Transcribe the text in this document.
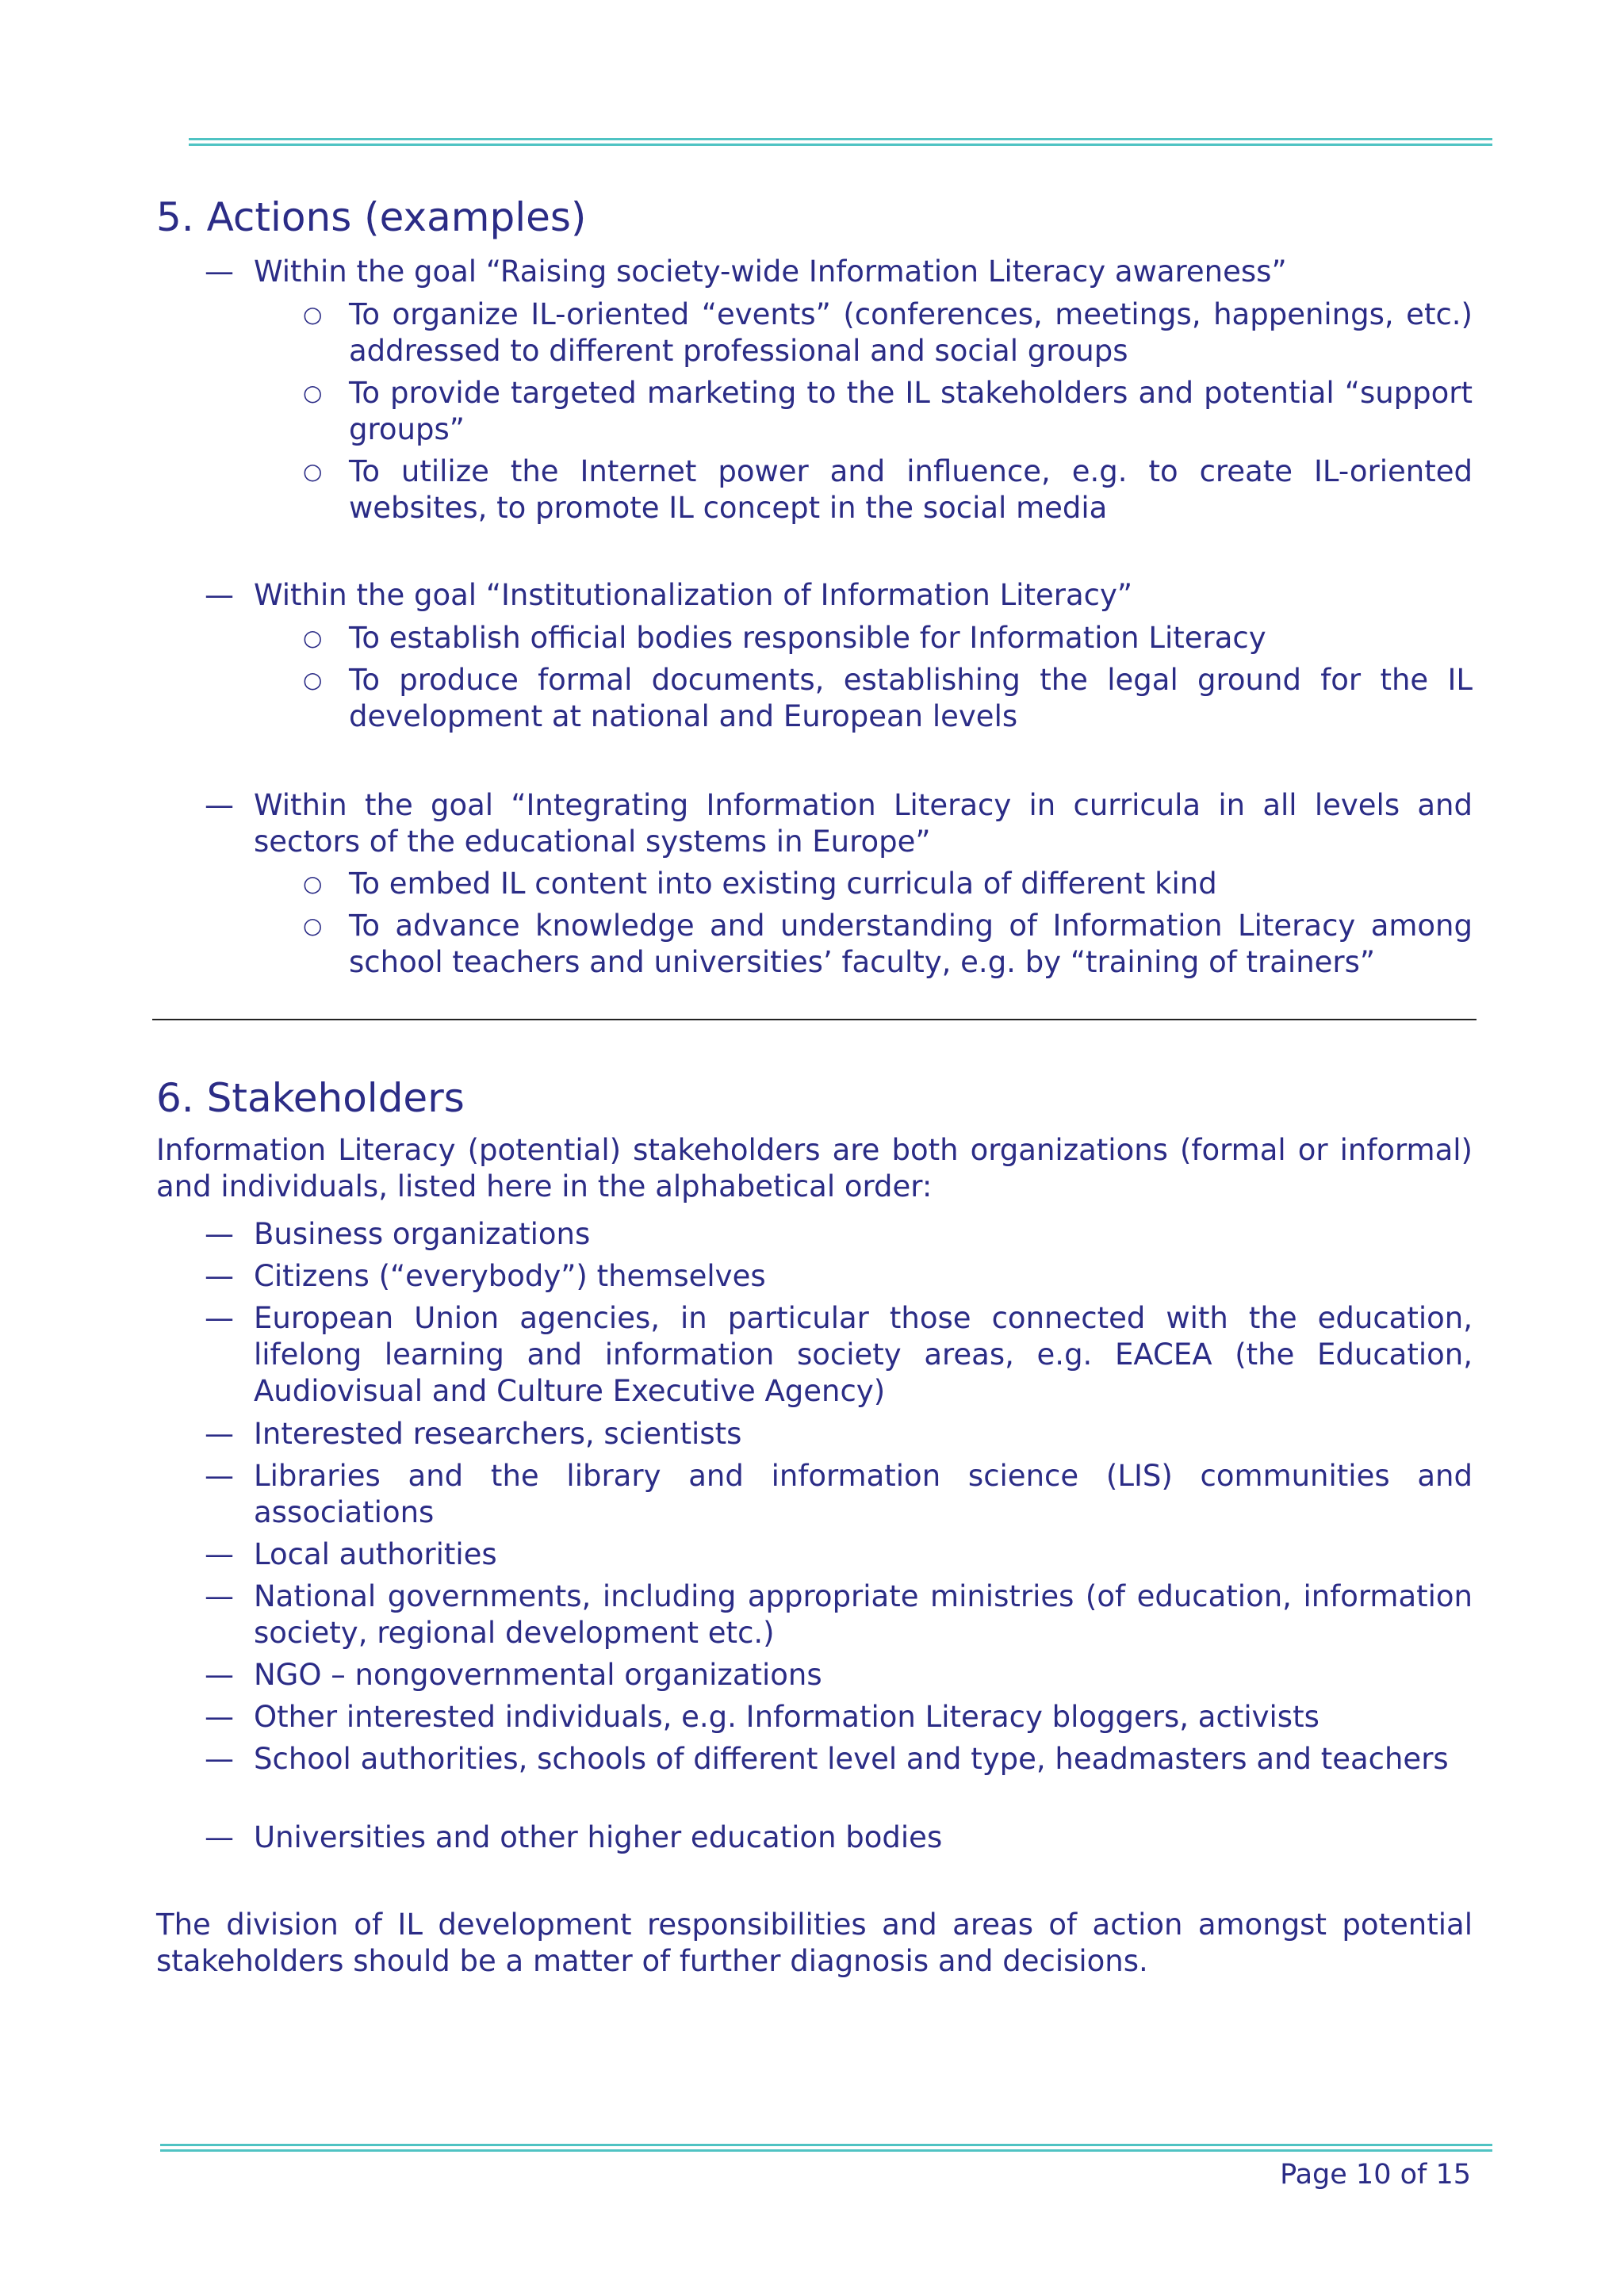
5. Actions (examples)
— Within the goal “Raising society-wide Information Literacy awareness”
○ To organize IL-oriented “events” (conferences, meetings, happenings, etc.) addressed to different professional and social groups
○ To provide targeted marketing to the IL stakeholders and potential “support groups”
○ To utilize the Internet power and influence, e.g. to create IL-oriented websites, to promote IL concept in the social media
— Within the goal “Institutionalization of Information Literacy”
○ To establish official bodies responsible for Information Literacy
○ To produce formal documents, establishing the legal ground for the IL development at national and European levels
— Within the goal “Integrating Information Literacy in curricula in all levels and sectors of the educational systems in Europe”
○ To embed IL content into existing curricula of different kind
○ To advance knowledge and understanding of Information Literacy among school teachers and universities’ faculty, e.g. by “training of trainers”
6. Stakeholders
Information Literacy (potential) stakeholders are both organizations (formal or informal) and individuals, listed here in the alphabetical order:
— Business organizations
— Citizens (“everybody”) themselves
— European Union agencies, in particular those connected with the education, lifelong learning and information society areas, e.g. EACEA (the Education, Audiovisual and Culture Executive Agency)
— Interested researchers, scientists
— Libraries and the library and information science (LIS) communities and associations
— Local authorities
— National governments, including appropriate ministries (of education, information society, regional development etc.)
— NGO – nongovernmental organizations
— Other interested individuals, e.g. Information Literacy bloggers, activists
— School authorities, schools of different level and type, headmasters and teachers
— Universities and other higher education bodies
The division of IL development responsibilities and areas of action amongst potential stakeholders should be a matter of further diagnosis and decisions.
Page 10 of 15
